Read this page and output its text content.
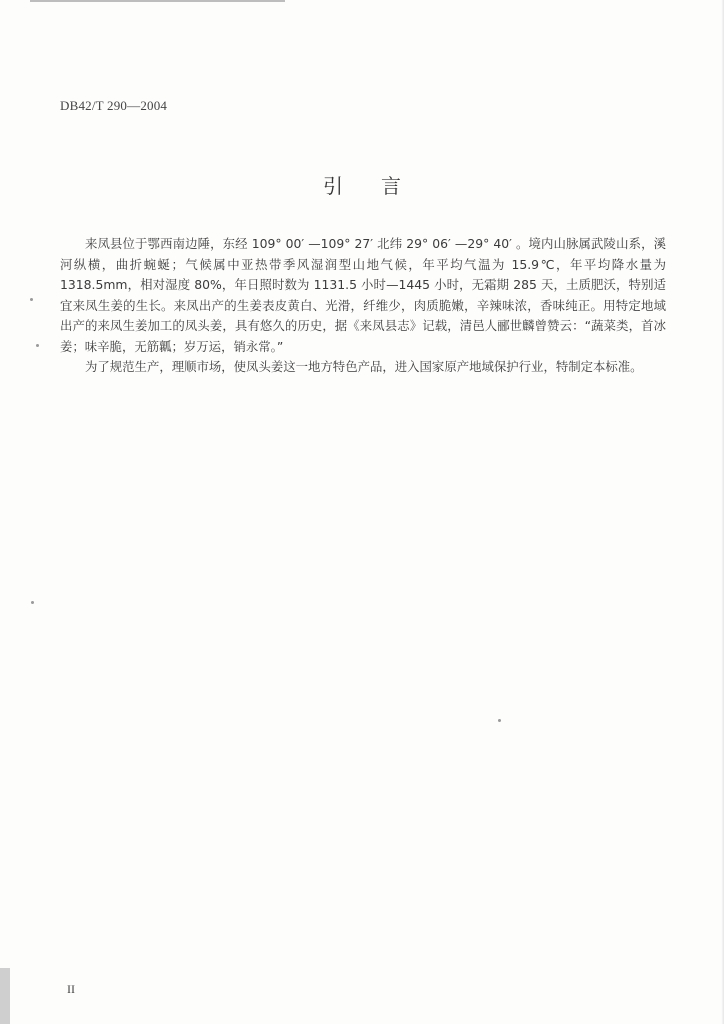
DB42/T 290—2004
引言

来凤县位于鄂西南边陲，东经 109° 00′ —109° 27′ 北纬 29° 06′ —29° 40′ 。境内山脉属武陵山系，溪河纵横，曲折蜿蜒；气候属中亚热带季风湿润型山地气候，年平均气温为 15.9℃，年平均降水量为 1318.5mm，相对湿度 80%，年日照时数为 1131.5 小时—1445 小时，无霜期 285 天，土质肥沃，特别适宜来凤生姜的生长。来凤出产的生姜表皮黄白、光滑，纤维少，肉质脆嫩，辛辣味浓，香味纯正。用特定地域出产的来凤生姜加工的凤头姜，具有悠久的历史，据《来凤县志》记载，清邑人郦世麟曾赞云：“蔬菜类，首冰姜；味辛脆，无筋瓤；岁万运，销永常。”

为了规范生产，理顺市场，使凤头姜这一地方特色产品，进入国家原产地域保护行业，特制定本标准。

II
